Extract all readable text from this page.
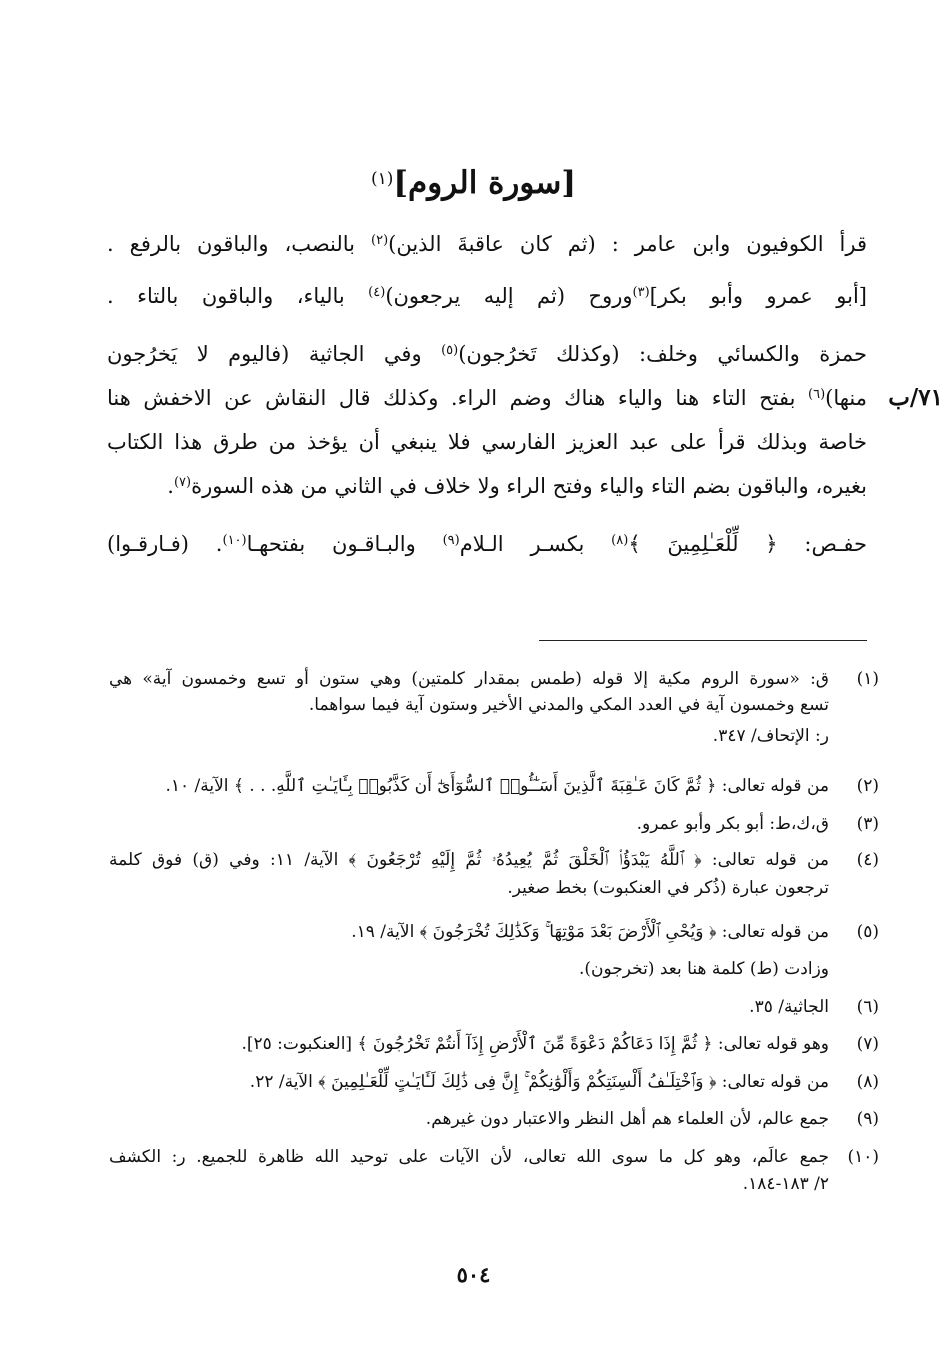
[سورة الروم]$^{(١)}$
قرأ الكوفيون وابن عامر : (ثم كان عاقبةَ الذين)$^{(٢)}$ بالنصب، والباقون بالرفع .
[أبو عمرو وأبو بكر]$^{(٣)}$وروح (ثم إليه يرجعون)$^{(٤)}$ بالياء، والباقون بالتاء .
حمزة والكسائي وخلف: (وكذلك تَخرُجون)$^{(٥)}$ وفي الجاثية (فاليوم لا يَخرُجون
منها)$^{(٦)}$ بفتح التاء هنا والياء هناك وضم الراء. وكذلك قال النقاش عن الاخفش هنا
خاصة وبذلك قرأ على عبد العزيز الفارسي فلا ينبغي أن يؤخذ من طرق هذا الكتاب
بغيره، والباقون بضم التاء والياء وفتح الراء ولا خلاف في الثاني من هذه السورة$^{(٧)}$.
حفـص: ﴿ لِّلْعَـٰلِمِينَ ﴾$^{(٨)}$ بكسـر الـلام$^{(٩)}$ والبـاقـون بفتحهـا$^{(١٠)}$. (فـارقـوا)
٧١/ب
(١)
ق: «سورة الروم مكية إلا قوله (طمس بمقدار كلمتين) وهي ستون أو تسع وخمسون آية» هي
تسع وخمسون آية في العدد المكي والمدني الأخير وستون آية فيما سواهما.
ر: الإتحاف/ ٣٤٧.
(٢)
من قوله تعالى: ﴿ ثُمَّ كَانَ عَـٰقِبَةَ ٱلَّذِينَ أَسَـٰٓـُٔوا۟ ٱلسُّوٓأَىٰٓ أَن كَذَّبُوا۟ بِـَٔايَـٰتِ ٱللَّهِ. . . ﴾ الآية/ ١٠.
(٣)
ق،ك،ط: أبو بكر وأبو عمرو.
(٤)
من قوله تعالى: ﴿ ٱللَّهُ يَبْدَؤُا۟ ٱلْخَلْقَ ثُمَّ يُعِيدُهُۥ ثُمَّ إِلَيْهِ تُرْجَعُونَ ﴾ الآية/ ١١: وفي (ق) فوق كلمة
ترجعون عبارة (ذُكر في العنكبوت) بخط صغير.
(٥)
من قوله تعالى: ﴿ وَيُحْىِ ٱلْأَرْضَ بَعْدَ مَوْتِهَا ۚ وَكَذَٰلِكَ تُخْرَجُونَ ﴾ الآية/ ١٩.
وزادت (ط) كلمة هنا بعد (تخرجون).
(٦)
الجاثية/ ٣٥.
(٧)
وهو قوله تعالى: ﴿ ثُمَّ إِذَا دَعَاكُمْ دَعْوَةً مِّنَ ٱلْأَرْضِ إِذَآ أَنتُمْ تَخْرُجُونَ ﴾ [العنكبوت: ٢٥].
(٨)
من قوله تعالى: ﴿ وَٱخْتِلَـٰفُ أَلْسِنَتِكُمْ وَأَلْوَٰنِكُمْ ۚ إِنَّ فِى ذَٰلِكَ لَـَٔايَـٰتٍ لِّلْعَـٰلِمِينَ ﴾ الآية/ ٢٢.
(٩)
جمع عالم، لأن العلماء هم أهل النظر والاعتبار دون غيرهم.
(١٠)
جمع عالَم، وهو كل ما سوى الله تعالى، لأن الآيات على توحيد الله ظاهرة للجميع. ر: الكشف
٢/ ١٨٣-١٨٤.
٥٠٤
